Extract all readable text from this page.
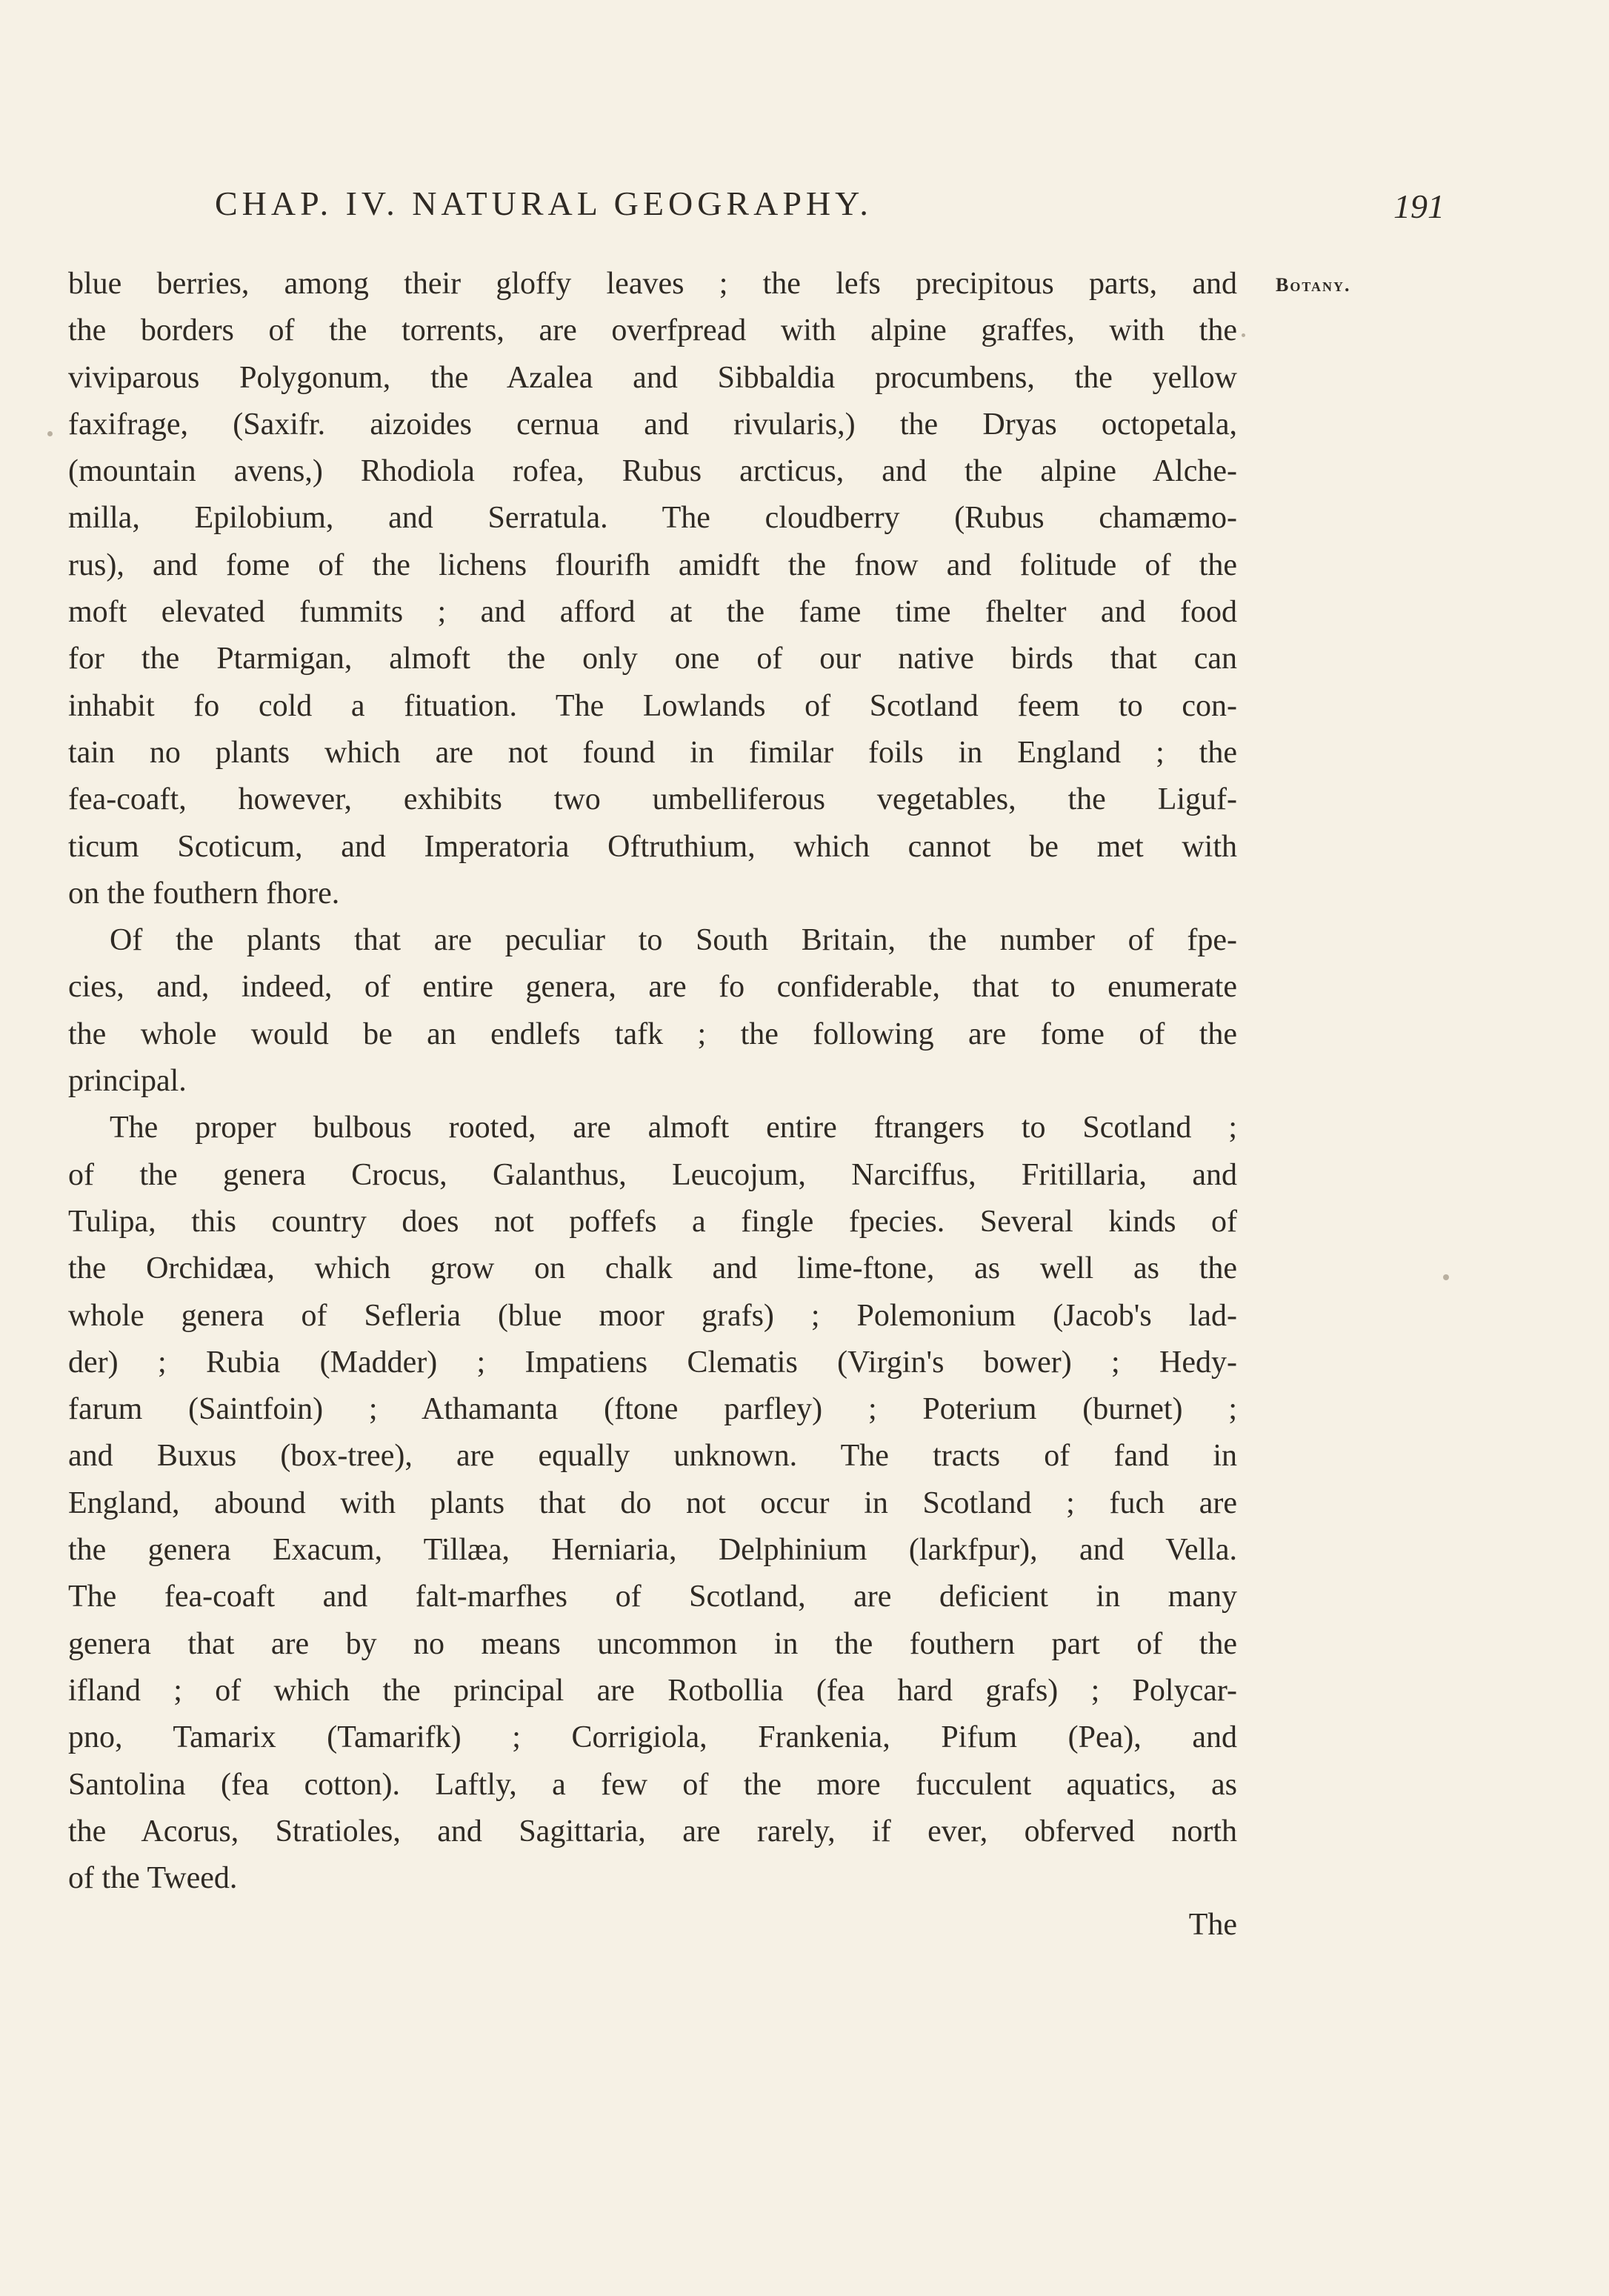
CHAP. IV. NATURAL GEOGRAPHY.	191
Botany.
blue berries, among their gloffy leaves ; the lefs precipitous parts, and
the borders of the torrents, are overfpread with alpine graffes, with the
viviparous Polygonum, the Azalea and Sibbaldia procumbens, the yellow
faxifrage, (Saxifr. aizoides cernua and rivularis,) the Dryas octopetala,
(mountain avens,) Rhodiola rofea, Rubus arcticus, and the alpine Alche-
milla, Epilobium, and Serratula. The cloudberry (Rubus chamæmo-
rus), and fome of the lichens flourifh amidft the fnow and folitude of the
moft elevated fummits ; and afford at the fame time fhelter and food
for the Ptarmigan, almoft the only one of our native birds that can
inhabit fo cold a fituation. The Lowlands of Scotland feem to con-
tain no plants which are not found in fimilar foils in England ; the
fea-coaft, however, exhibits two umbelliferous vegetables, the Liguf-
ticum Scoticum, and Imperatoria Oftruthium, which cannot be met with
on the fouthern fhore.
Of the plants that are peculiar to South Britain, the number of fpe-
cies, and, indeed, of entire genera, are fo confiderable, that to enumerate
the whole would be an endlefs tafk ; the following are fome of the
principal.
The proper bulbous rooted, are almoft entire ftrangers to Scotland ;
of the genera Crocus, Galanthus, Leucojum, Narciffus, Fritillaria, and
Tulipa, this country does not poffefs a fingle fpecies. Several kinds of
the Orchidæa, which grow on chalk and lime-ftone, as well as the
whole genera of Sefleria (blue moor grafs) ; Polemonium (Jacob's lad-
der) ; Rubia (Madder) ; Impatiens Clematis (Virgin's bower) ; Hedy-
farum (Saintfoin) ; Athamanta (ftone parfley) ; Poterium (burnet) ;
and Buxus (box-tree), are equally unknown. The tracts of fand in
England, abound with plants that do not occur in Scotland ; fuch are
the genera Exacum, Tillæa, Herniaria, Delphinium (larkfpur), and Vella.
The fea-coaft and falt-marfhes of Scotland, are deficient in many
genera that are by no means uncommon in the fouthern part of the
ifland ; of which the principal are Rotbollia (fea hard grafs) ; Polycar-
pno, Tamarix (Tamarifk) ; Corrigiola, Frankenia, Pifum (Pea), and
Santolina (fea cotton). Laftly, a few of the more fucculent aquatics, as
the Acorus, Stratioles, and Sagittaria, are rarely, if ever, obferved north
of the Tweed.
The
